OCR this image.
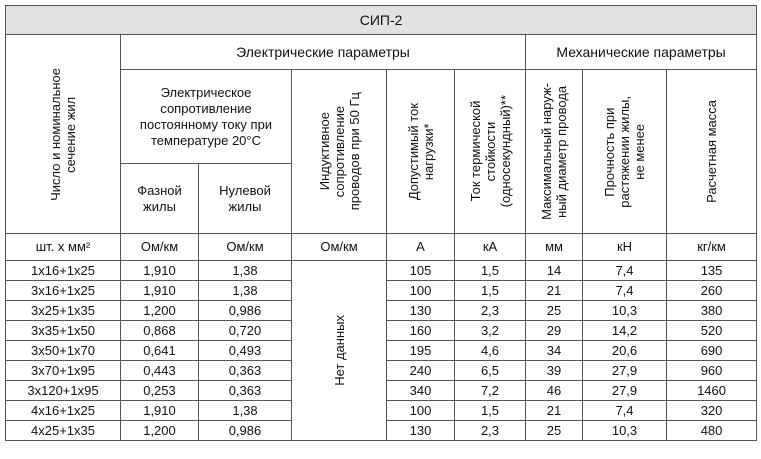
СИП-2								

Число и номинальное
сечение жил	Электрические параметры					Механические параметры		
	Электрическое
сопротивление
постоянному току при
температуре 20°С		Индуктивное
сопротивление
проводов при 50 Гц	Допустимый ток
нагрузки*	Ток термической
стойкости
(односекундный)**	Максимальный наруж-
ный диаметр провода	Прочность при
растяжении жилы,
не менее	Расчетная масса

	Фазной
жилы	Нулевой
жилы						
шт. х мм²	Ом/км	Ом/км	Ом/км	А	кА	мм	кН	кг/км
1x16+1x25	1,910	1,38	Нет данных	105	1,5	14	7,4	135
3x16+1x25	1,910	1,38		100	1,5	21	7,4	260
3x25+1x35	1,200	0,986		130	2,3	25	10,3	380
3x35+1x50	0,868	0,720		160	3,2	29	14,2	520
3x50+1x70	0,641	0,493		195	4,6	34	20,6	690
3x70+1x95	0,443	0,363		240	6,5	39	27,9	960
3x120+1x95	0,253	0,363		340	7,2	46	27,9	1460
4x16+1x25	1,910	1,38		100	1,5	21	7,4	320
4x25+1x35	1,200	0,986		130	2,3	25	10,3	480
